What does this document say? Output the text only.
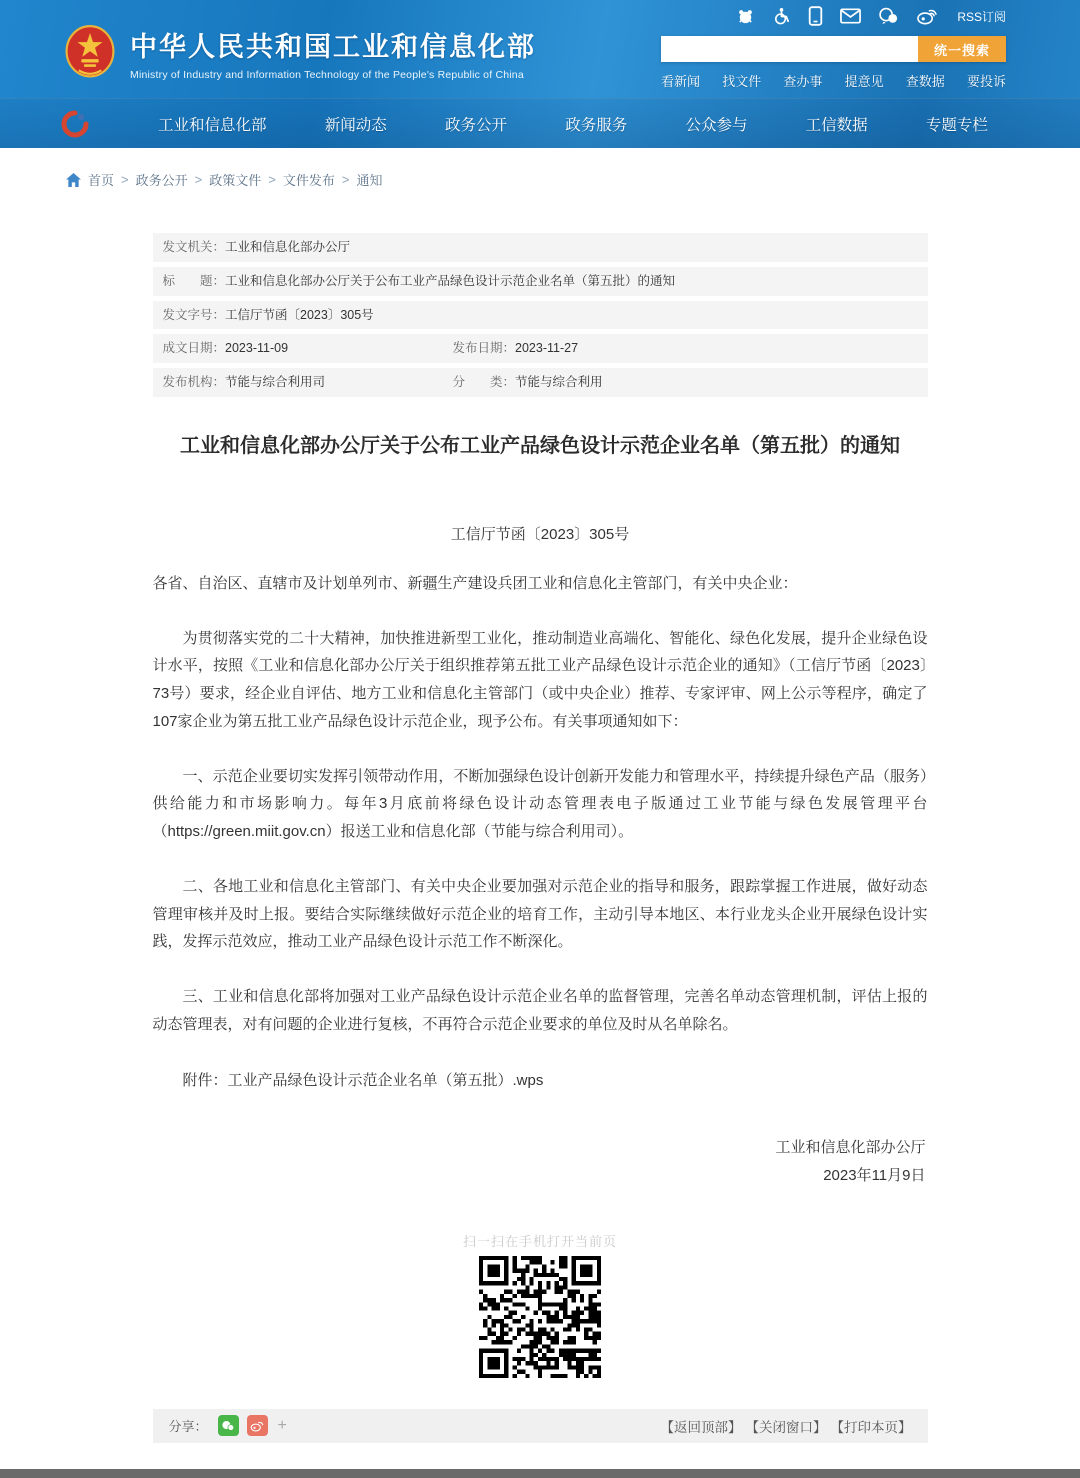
中华人民共和国工业和信息化部
Ministry of Industry and Information Technology of the People's Republic of China
RSS订阅
统一搜索
看新闻 找文件 查办事 提意见 查数据 要投诉
工业和信息化部	新闻动态	政务公开	政务服务	公众参与	工信数据	专题专栏
首页 > 政务公开 > 政策文件 > 文件发布 > 通知
发文机关： 工业和信息化部办公厅
标　　题： 工业和信息化部办公厅关于公布工业产品绿色设计示范企业名单（第五批）的通知
发文字号： 工信厅节函〔2023〕305号
成文日期： 2023-11-09	发布日期： 2023-11-27
发布机构： 节能与综合利用司	分　　类： 节能与综合利用
工业和信息化部办公厅关于公布工业产品绿色设计示范企业名单（第五批）的通知
工信厅节函〔2023〕305号

各省、自治区、直辖市及计划单列市、新疆生产建设兵团工业和信息化主管部门，有关中央企业：

为贯彻落实党的二十大精神，加快推进新型工业化，推动制造业高端化、智能化、绿色化发展，提升企业绿色设计水平，按照《工业和信息化部办公厅关于组织推荐第五批工业产品绿色设计示范企业的通知》（工信厅节函〔2023〕73号）要求，经企业自评估、地方工业和信息化主管部门（或中央企业）推荐、专家评审、网上公示等程序，确定了107家企业为第五批工业产品绿色设计示范企业，现予公布。有关事项通知如下：

一、示范企业要切实发挥引领带动作用，不断加强绿色设计创新开发能力和管理水平，持续提升绿色产品（服务）供给能力和市场影响力。每年3月底前将绿色设计动态管理表电子版通过工业节能与绿色发展管理平台（https://green.miit.gov.cn）报送工业和信息化部（节能与综合利用司）。

二、各地工业和信息化主管部门、有关中央企业要加强对示范企业的指导和服务，跟踪掌握工作进展，做好动态管理审核并及时上报。要结合实际继续做好示范企业的培育工作，主动引导本地区、本行业龙头企业开展绿色设计实践，发挥示范效应，推动工业产品绿色设计示范工作不断深化。

三、工业和信息化部将加强对工业产品绿色设计示范企业名单的监督管理，完善名单动态管理机制，评估上报的动态管理表，对有问题的企业进行复核，不再符合示范企业要求的单位及时从名单除名。

附件：工业产品绿色设计示范企业名单（第五批）.wps
工业和信息化部办公厅
2023年11月9日
扫一扫在手机打开当前页
分享：	+	【返回顶部】 【关闭窗口】 【打印本页】
